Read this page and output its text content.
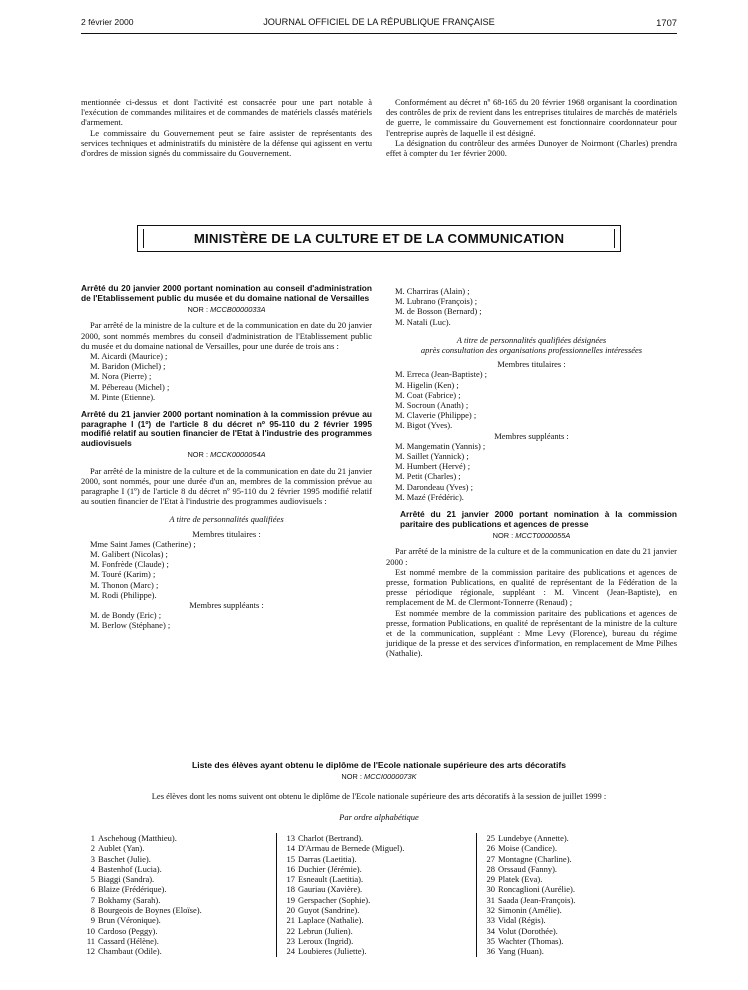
2 février 2000	JOURNAL OFFICIEL DE LA RÉPUBLIQUE FRANÇAISE	1707

mentionnée ci-dessus et dont l'activité est consacrée pour une part notable à l'exécution de commandes militaires et de commandes de matériels classés matériels d'armement.

Le commissaire du Gouvernement peut se faire assister de représentants des services techniques et administratifs du ministère de la défense qui agissent en vertu d'ordres de mission signés du commissaire du Gouvernement.

Conformément au décret nº 68-165 du 20 février 1968 organisant la coordination des contrôles de prix de revient dans les entreprises titulaires de marchés de matériels de guerre, le commissaire du Gouvernement est fonctionnaire coordonnateur pour l'entreprise auprès de laquelle il est désigné.

La désignation du contrôleur des armées Dunoyer de Noirmont (Charles) prendra effet à compter du 1er février 2000.

MINISTÈRE DE LA CULTURE ET DE LA COMMUNICATION
Arrêté du 20 janvier 2000 portant nomination au conseil d'administration de l'Etablissement public du musée et du domaine national de Versailles
NOR : MCCB0000033A

Par arrêté de la ministre de la culture et de la communication en date du 20 janvier 2000, sont nommés membres du conseil d'administration de l'Etablissement public du musée et du domaine national de Versailles, pour une durée de trois ans :

M. Aicardi (Maurice) ;

M. Baridon (Michel) ;

M. Nora (Pierre) ;

M. Pébereau (Michel) ;

M. Pinte (Etienne).

Arrêté du 21 janvier 2000 portant nomination à la commission prévue au paragraphe I (1º) de l'article 8 du décret nº 95-110 du 2 février 1995 modifié relatif au soutien financier de l'Etat à l'industrie des programmes audiovisuels
NOR : MCCK0000054A

Par arrêté de la ministre de la culture et de la communication en date du 21 janvier 2000, sont nommés, pour une durée d'un an, membres de la commission prévue au paragraphe I (1º) de l'article 8 du décret nº 95-110 du 2 février 1995 modifié relatif au soutien financier de l'Etat à l'industrie des programmes audiovisuels :

A titre de personnalités qualifiées

Membres titulaires :

Mme Saint James (Catherine) ;

M. Galibert (Nicolas) ;

M. Fonfrède (Claude) ;

M. Touré (Karim) ;

M. Thonon (Marc) ;

M. Rodi (Philippe).

Membres suppléants :

M. de Bondy (Eric) ;

M. Berlow (Stéphane) ;

M. Charriras (Alain) ;

M. Lubrano (François) ;

M. de Bosson (Bernard) ;

M. Natali (Luc).

A titre de personnalités qualifiées désignées

après consultation des organisations professionnelles intéressées

Membres titulaires :

M. Erreca (Jean-Baptiste) ;

M. Higelin (Ken) ;

M. Coat (Fabrice) ;

M. Socroun (Anath) ;

M. Claverie (Philippe) ;

M. Bigot (Yves).

Membres suppléants :

M. Mangematin (Yannis) ;

M. Saillet (Yannick) ;

M. Humbert (Hervé) ;

M. Petit (Charles) ;

M. Darondeau (Yves) ;

M. Mazé (Frédéric).

Arrêté du 21 janvier 2000 portant nomination à la commission paritaire des publications et agences de presse
NOR : MCCT0000055A

Par arrêté de la ministre de la culture et de la communication en date du 21 janvier 2000 :

Est nommé membre de la commission paritaire des publications et agences de presse, formation Publications, en qualité de représentant de la Fédération de la presse périodique régionale, suppléant : M. Vincent (Jean-Baptiste), en remplacement de M. de Clermont-Tonnerre (Renaud) ;

Est nommée membre de la commission paritaire des publications et agences de presse, formation Publications, en qualité de représentant de la ministre de la culture et de la communication, suppléant : Mme Levy (Florence), bureau du régime juridique de la presse et des services d'information, en remplacement de Mme Pilhes (Nathalie).

Liste des élèves ayant obtenu le diplôme de l'Ecole nationale supérieure des arts décoratifs
NOR : MCCI0000073K
Les élèves dont les noms suivent ont obtenu le diplôme de l'Ecole nationale supérieure des arts décoratifs à la session de juillet 1999 :
Par ordre alphabétique
1 Aschehoug (Matthieu).
2 Aublet (Yan).
3 Baschet (Julie).
4 Bastenhof (Lucia).
5 Biaggi (Sandra).
6 Blaize (Frédérique).
7 Bokhamy (Sarah).
8 Bourgeois de Boynes (Eloïse).
9 Brun (Véronique).
10 Cardoso (Peggy).
11 Cassard (Hélène).
12 Chambaut (Odile).
13 Charlot (Bertrand).
14 D'Armau de Bernede (Miguel).
15 Darras (Laetitia).
16 Duchier (Jérémie).
17 Esneault (Laetitia).
18 Gauriau (Xavière).
19 Gerspacher (Sophie).
20 Guyot (Sandrine).
21 Laplace (Nathalie).
22 Lebrun (Julien).
23 Leroux (Ingrid).
24 Loubieres (Juliette).
25 Lundebye (Annette).
26 Moise (Candice).
27 Montagne (Charline).
28 Orssaud (Fanny).
29 Platek (Eva).
30 Roncaglioni (Aurélie).
31 Saada (Jean-François).
32 Simonin (Amélie).
33 Vidal (Régis).
34 Volut (Dorothée).
35 Wachter (Thomas).
36 Yang (Huan).
